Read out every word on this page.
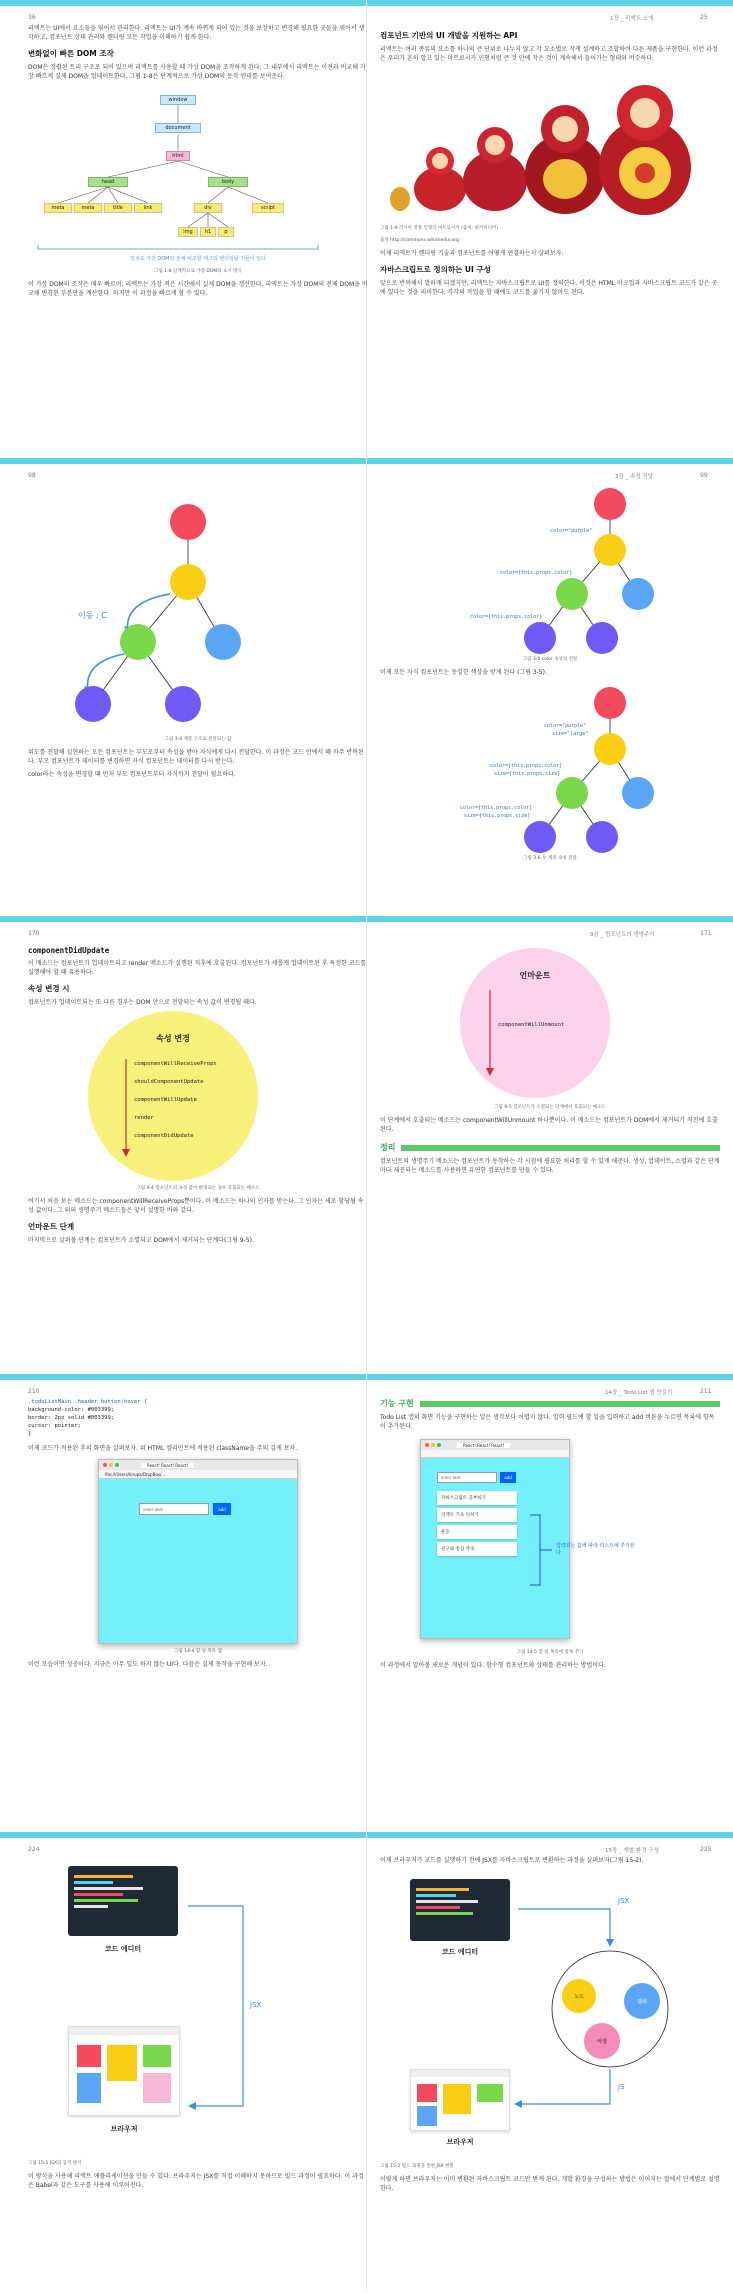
36	25
1장 _ 리액트 소개

리액트는 UI에서 요소들을 엮어서 관리한다. 리액트는 UI가 계속 바뀌게 되어 있는 것을 보장하고 변경해 필요한 곳들을 엮어서 생각하고, 컴포넌트 상태 관리와 렌더링 모든 작업을 이해하기 쉽게 한다.

변화없이 빠른 DOM 조작

DOM은 정렬된 트리 구조로 되어 있으며 리액트를 사용할 때 가상 DOM을 조작하게 된다. 그 내부에서 리액트는 이전과 비교해 가장 빠르게 실제 DOM을 업데이트한다. 그림 1-8은 단계적으로 가상 DOM의 동작 원리를 보여준다.

window
document
html
head	body
meta	meta	title	link	div	script
img	h1	p

일치로 가장 DOM의 전체 비교할 태그의 렌더링할 것들이 있다

그림 1-8 단계적으로 가장 DOM의 표시 방식

이 가상 DOM의 조작은 매우 빠르며, 리액트는 가장 적은 시간에서 실제 DOM을 갱신한다. 리액트는 가장 DOM의 전체 DOM을 비교해 변경된 부분만을 계산한다. 하지만 이 과정을 빠르게 할 수 있다.

컴포넌트 기반의 UI 개발을 지원하는 API

리액트는 여러 종류의 요소를 하나의 큰 단위로 나누지 않고 각 요소별로 작게 설계하고 조합하여 다른 제품을 구현한다. 이런 과정은 우리가 흔히 알고 있는 마트료시카 인형처럼 큰 것 안에 작은 것이 계속해서 들어가는 형태와 비슷하다.

그림 1-9 러시아 전통 인형인 마트료시카 (출처: 위키미디어)

출처 http://commons.wikimedia.org

이제 리액트가 렌더링 기술과 컴포넌트를 어떻게 연결하는지 살펴보자.

자바스크립트로 정의하는 UI 구성

앞으로 반복해서 말하게 되겠지만, 리액트는 자바스크립트로 UI를 정의한다. 이것은 HTML 마크업과 자바스크립트 코드가 같은 곳에 있다는 것을 의미한다. 각각의 작업을 할 때에도 코드를 옮기지 않아도 된다.

98	99
3장 _ 속성 전달
이동 : C

그림 3-4 계층 구조로 전달되는 값

위도를 전달해 실현하는 모든 컴포넌트는 부모로부터 속성을 받아 자식에게 다시 전달한다. 이 과정은 코드 안에서 꽤 자주 반복된다. 부모 컴포넌트가 데이터를 변경하면 자식 컴포넌트는 데이터를 다시 받는다.

color라는 속성을 변경할 때 먼저 부모 컴포넌트부터 자식까지 전달이 필요하다.

color="purple"
color={this.props.color}
color={this.props.color}

그림 3-5 color 속성의 전달

이제 모든 자식 컴포넌트는 동일한 색상을 받게 된다 (그림 3-5).

color="purple"
size="large"
color={this.props.color}
size={this.props.size}
color={this.props.color}
size={this.props.size}

그림 3-6 두 개의 속성 전달

170	171
9장 _ 컴포넌트의 생명주기

componentDidUpdate

이 메소드는 컴포넌트가 업데이트되고 render 메소드가 실행된 직후에 호출된다. 컴포넌트가 새롭게 업데이트된 후 특정한 코드를 실행해야 할 때 유용하다.

속성 변경 시

컴포넌트가 업데이트되는 또 다른 경우는 DOM 안으로 전달되는 속성 값이 변경될 때다.

속성 변경
componentWillReceiveProps
shouldComponentUpdate
componentWillUpdate
render
componentDidUpdate

그림 9-4 컴포넌트의 속성 값이 변경되는 경우 호출되는 메소드

여기서 처음 보는 메소드는 componentWillReceiveProps뿐이다. 이 메소드는 하나의 인자를 받는다. 그 인자는 새로 할당될 속성 값이다. 그 외의 생명주기 메소드들은 앞서 설명한 바와 같다.

언마운트 단계

마지막으로 살펴볼 단계는 컴포넌트가 소멸되고 DOM에서 제거되는 단계다(그림 9-5).

언마운트
componentWillUnmount

그림 9-5 컴포넌트가 소멸되는 단계에서 호출되는 메소드

이 단계에서 호출되는 메소드는 componentWillUnmount 하나뿐이다. 이 메소드는 컴포넌트가 DOM에서 제거되기 직전에 호출된다.

정리

컴포넌트의 생명주기 메소드는 컴포넌트가 동작하는 각 시점에 필요한 처리를 할 수 있게 해준다. 생성, 업데이트, 소멸과 같은 단계마다 제공되는 메소드를 사용하면 유연한 컴포넌트를 만들 수 있다.

210	211
14장 _ Todo List 앱 만들기
.todoListMain .header button:hover {
background-color: #003399;
border: 2px solid #003399;
cursor: pointer;
}

이제 코드가 적용된 후의 화면을 살펴보자. 위 HTML 엘리먼트에 적용된 className을 주의 깊게 보자.

React! React! React!
file:///Users/kirupa/DropBox/...
enter task
add

그림 14-4 할 일 목록 앱

이런 모습이면 성공이다. 지금은 아무 일도 하지 않는 UI다. 다음은 실제 동작을 구현해 보자.

기능 구현

Todo List 앱의 화면 기능을 구현하는 일은 생각보다 어렵지 않다. 입력 필드에 할 일을 입력하고 add 버튼을 누르면 목록에 항목이 추가된다.

React! React! React!
enter task
add
자바스크립트 공부하기
리액트 기초 익히기
운동
친구와 점심 약속
입력되는 값에 따라 리스트에 추가된다

그림 14-5 할 일 목록에 항목 추가

이 과정에서 알아볼 새로운 개념이 있다. 함수형 컴포넌트와 상태를 관리하는 방법이다.

224	225
15장 _ 개발 환경 구성
코드 에디터
JSX
브라우저

그림 15-1 JSX의 동작 방식

이 방식을 사용해 리액트 애플리케이션을 만들 수 있다. 브라우저는 JSX를 직접 이해하지 못하므로 빌드 과정이 필요하다. 이 과정은 Babel과 같은 도구를 사용해 이루어진다.

이제 브라우저가 코드를 실행하기 전에 JSX를 자바스크립트로 변환하는 과정을 살펴보자(그림 15-2).

코드 에디터
JSX
노드
웹팩
바벨
JS
브라우저

그림 15-2 빌드 과정을 통한 JSX 변환

이렇게 하면 브라우저는 이미 변환된 자바스크립트 코드만 받게 된다. 개발 환경을 구성하는 방법은 이어지는 절에서 단계별로 설명한다.
